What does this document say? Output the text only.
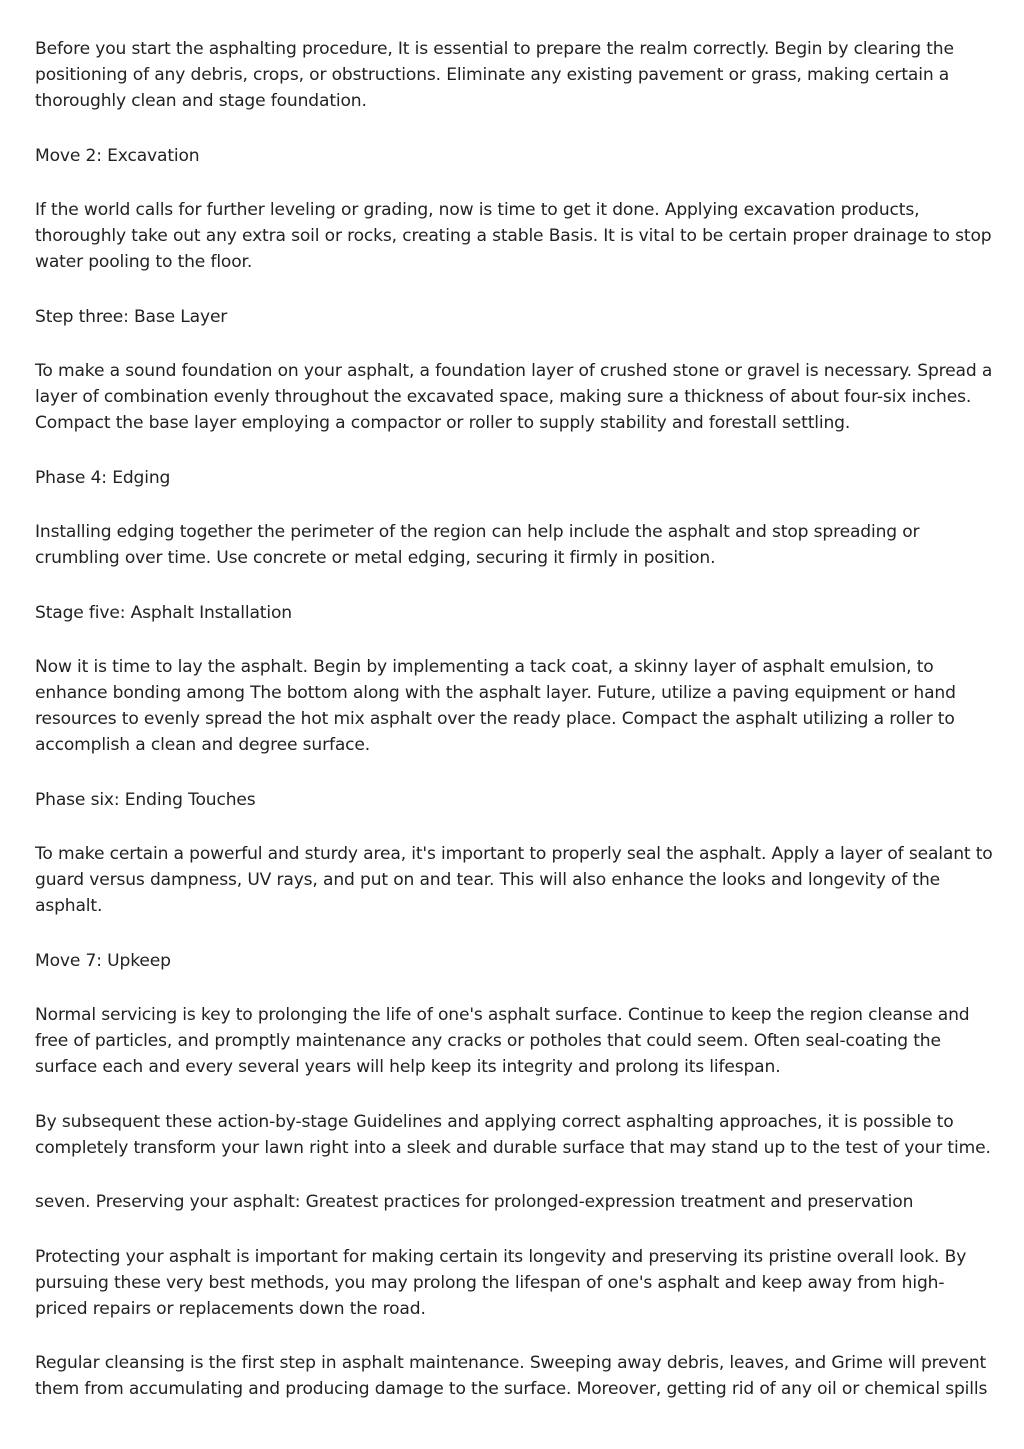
Before you start the asphalting procedure, It is essential to prepare the realm correctly. Begin by clearing the positioning of any debris, crops, or obstructions. Eliminate any existing pavement or grass, making certain a thoroughly clean and stage foundation.

Move 2: Excavation

If the world calls for further leveling or grading, now is time to get it done. Applying excavation products, thoroughly take out any extra soil or rocks, creating a stable Basis. It is vital to be certain proper drainage to stop water pooling to the floor.

Step three: Base Layer

To make a sound foundation on your asphalt, a foundation layer of crushed stone or gravel is necessary. Spread a layer of combination evenly throughout the excavated space, making sure a thickness of about four-six inches. Compact the base layer employing a compactor or roller to supply stability and forestall settling.

Phase 4: Edging

Installing edging together the perimeter of the region can help include the asphalt and stop spreading or crumbling over time. Use concrete or metal edging, securing it firmly in position.

Stage five: Asphalt Installation

Now it is time to lay the asphalt. Begin by implementing a tack coat, a skinny layer of asphalt emulsion, to enhance bonding among The bottom along with the asphalt layer. Future, utilize a paving equipment or hand resources to evenly spread the hot mix asphalt over the ready place. Compact the asphalt utilizing a roller to accomplish a clean and degree surface.

Phase six: Ending Touches

To make certain a powerful and sturdy area, it's important to properly seal the asphalt. Apply a layer of sealant to guard versus dampness, UV rays, and put on and tear. This will also enhance the looks and longevity of the asphalt.

Move 7: Upkeep

Normal servicing is key to prolonging the life of one's asphalt surface. Continue to keep the region cleanse and free of particles, and promptly maintenance any cracks or potholes that could seem. Often seal-coating the surface each and every several years will help keep its integrity and prolong its lifespan.

By subsequent these action-by-stage Guidelines and applying correct asphalting approaches, it is possible to completely transform your lawn right into a sleek and durable surface that may stand up to the test of your time.

seven. Preserving your asphalt: Greatest practices for prolonged-expression treatment and preservation

Protecting your asphalt is important for making certain its longevity and preserving its pristine overall look. By pursuing these very best methods, you may prolong the lifespan of one's asphalt and keep away from high-priced repairs or replacements down the road.

Regular cleansing is the first step in asphalt maintenance. Sweeping away debris, leaves, and Grime will prevent them from accumulating and producing damage to the surface. Moreover, getting rid of any oil or chemical spills
